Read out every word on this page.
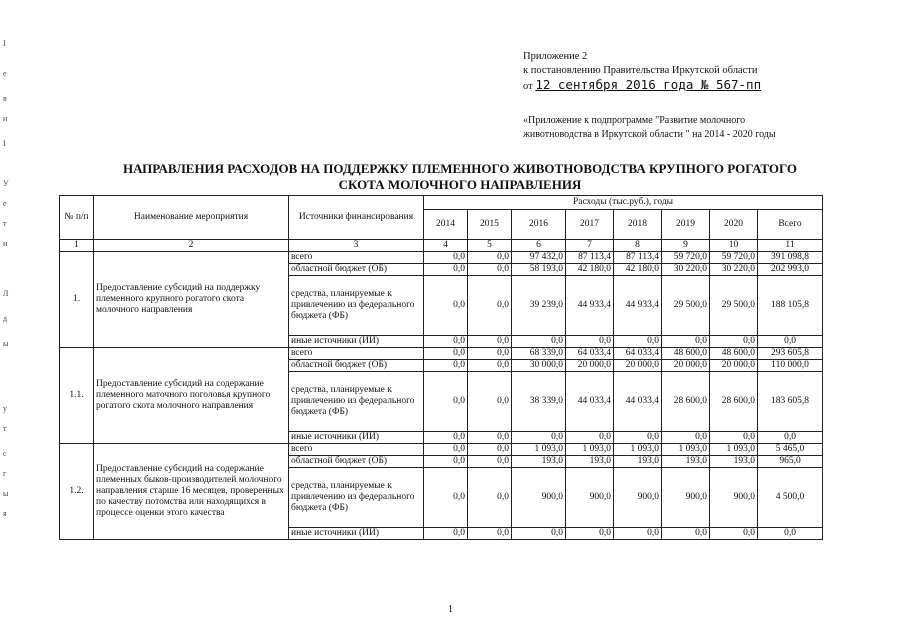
I
е
в
н
I
У
е
т
и
Л
д
ы
у
т
с
г
ы
я
Приложение 2
к постановлению Правительства Иркутской области
от 12 сентября 2016 года № 567-пп
«Приложение к подпрограмме "Развитие молочного
животноводства в Иркутской области " на 2014 - 2020 годы
НАПРАВЛЕНИЯ РАСХОДОВ НА ПОДДЕРЖКУ ПЛЕМЕННОГО ЖИВОТНОВОДСТВА КРУПНОГО РОГАТОГО
СКОТА МОЛОЧНОГО НАПРАВЛЕНИЯ
№ п/п	Наименование мероприятия	Источники финансирования	Расходы (тыс.руб.), годы							
			2014	2015	2016	2017	2018	2019	2020	Всего
1	2	3	4	5	6	7	8	9	10	11
1.	Предоставление субсидий на поддержку племенного крупного рогатого скота молочного направления	всего	0,0	0,0	97 432,0	87 113,4	87 113,4	59 720,0	59 720,0	391 098,8
		областной бюджет (ОБ)	0,0	0,0	58 193,0	42 180,0	42 180,0	30 220,0	30 220,0	202 993,0
		средства, планируемые к привлечению из федерального бюджета (ФБ)	0,0	0,0	39 239,0	44 933,4	44 933,4	29 500,0	29 500,0	188 105,8
		иные источники (ИИ)	0,0	0,0	0,0	0,0	0,0	0,0	0,0	0,0
1.1.	Предоставление субсидий на содержание племенного маточного поголовья крупного рогатого скота молочного направления	всего	0,0	0,0	68 339,0	64 033,4	64 033,4	48 600,0	48 600,0	293 605,8
		областной бюджет (ОБ)	0,0	0,0	30 000,0	20 000,0	20 000,0	20 000,0	20 000,0	110 000,0
		средства, планируемые к привлечению из федерального бюджета (ФБ)	0,0	0,0	38 339,0	44 033,4	44 033,4	28 600,0	28 600,0	183 605,8
		иные источники (ИИ)	0,0	0,0	0,0	0,0	0,0	0,0	0,0	0,0
1.2.	Предоставление субсидий на содержание племенных быков-производителей молочного направления старше 16 месяцев, проверенных по качеству потомства или находящихся в процессе оценки этого качества	всего	0,0	0,0	1 093,0	1 093,0	1 093,0	1 093,0	1 093,0	5 465,0
		областной бюджет (ОБ)	0,0	0,0	193,0	193,0	193,0	193,0	193,0	965,0
		средства, планируемые к привлечению из федерального бюджета (ФБ)	0,0	0,0	900,0	900,0	900,0	900,0	900,0	4 500,0
		иные источники (ИИ)	0,0	0,0	0,0	0,0	0,0	0,0	0,0	0,0
1
